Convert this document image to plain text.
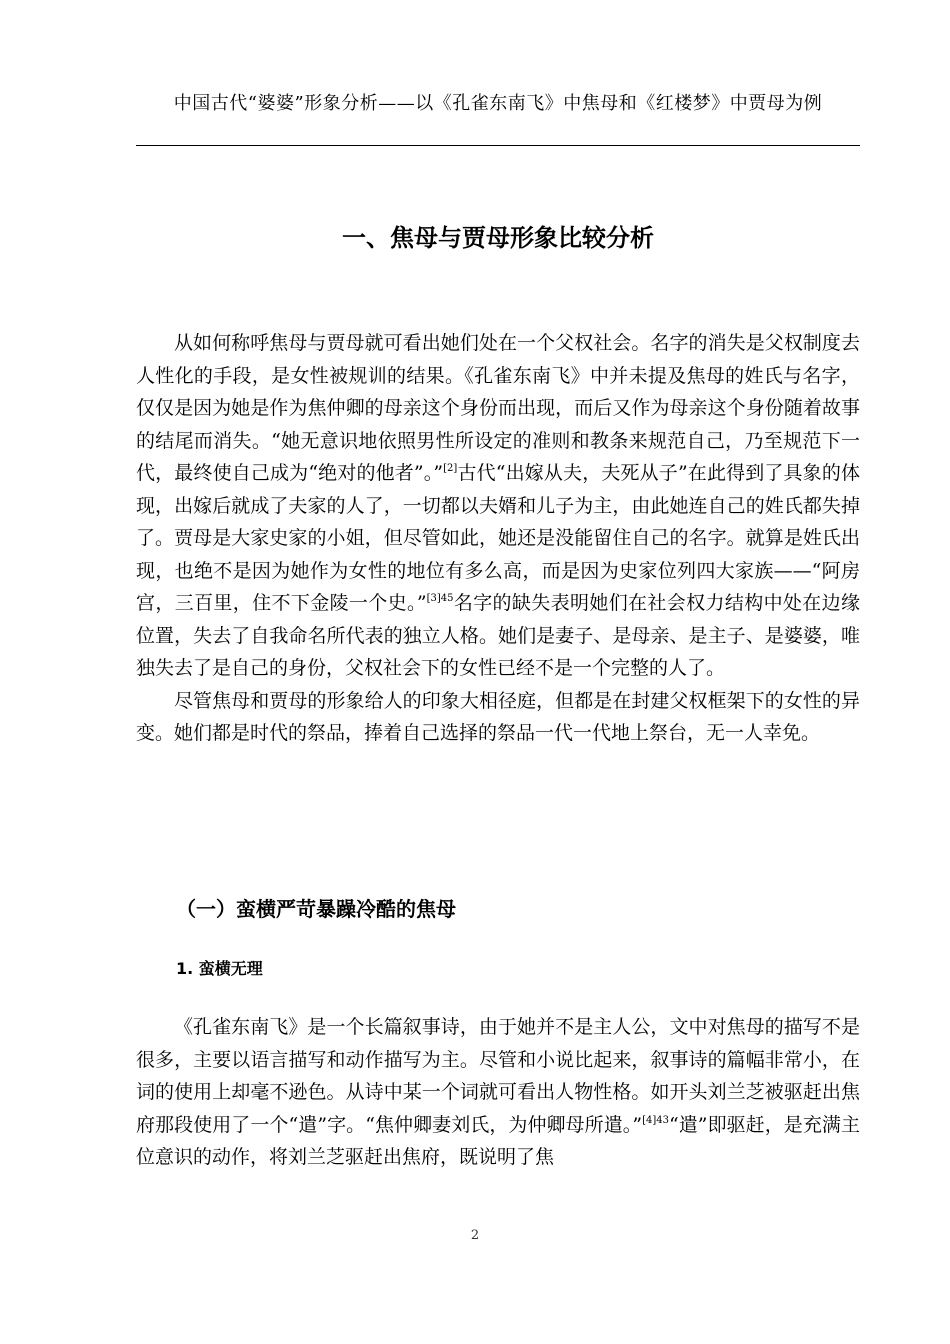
中国古代“婆婆”形象分析——以《孔雀东南飞》中焦母和《红楼梦》中贾母为例
一、焦母与贾母形象比较分析

从如何称呼焦母与贾母就可看出她们处在一个父权社会。名字的消失是父权制度去人性化的手段，是女性被规训的结果。《孔雀东南飞》中并未提及焦母的姓氏与名字，仅仅是因为她是作为焦仲卿的母亲这个身份而出现，而后又作为母亲这个身份随着故事的结尾而消失。“她无意识地依照男性所设定的准则和教条来规范自己，乃至规范下一代，最终使自己成为“绝对的他者”。”[2]古代“出嫁从夫，夫死从子”在此得到了具象的体现，出嫁后就成了夫家的人了，一切都以夫婿和儿子为主，由此她连自己的姓氏都失掉了。贾母是大家史家的小姐，但尽管如此，她还是没能留住自己的名字。就算是姓氏出现，也绝不是因为她作为女性的地位有多么高，而是因为史家位列四大家族——“阿房宫，三百里，住不下金陵一个史。”$^{[3]45}$名字的缺失表明她们在社会权力结构中处在边缘位置，失去了自我命名所代表的独立人格。她们是妻子、是母亲、是主子、是婆婆，唯独失去了是自己的身份，父权社会下的女性已经不是一个完整的人了。

尽管焦母和贾母的形象给人的印象大相径庭，但都是在封建父权框架下的女性的异变。她们都是时代的祭品，捧着自己选择的祭品一代一代地上祭台，无一人幸免。

（一）蛮横严苛暴躁冷酷的焦母
1. 蛮横无理

《孔雀东南飞》是一个长篇叙事诗，由于她并不是主人公，文中对焦母的描写不是很多，主要以语言描写和动作描写为主。尽管和小说比起来，叙事诗的篇幅非常小，在词的使用上却毫不逊色。从诗中某一个词就可看出人物性格。如开头刘兰芝被驱赶出焦府那段使用了一个“遣”字。“焦仲卿妻刘氏，为仲卿母所遣。”$^{[4]43}$“遣”即驱赶，是充满主位意识的动作，将刘兰芝驱赶出焦府，既说明了焦

2
